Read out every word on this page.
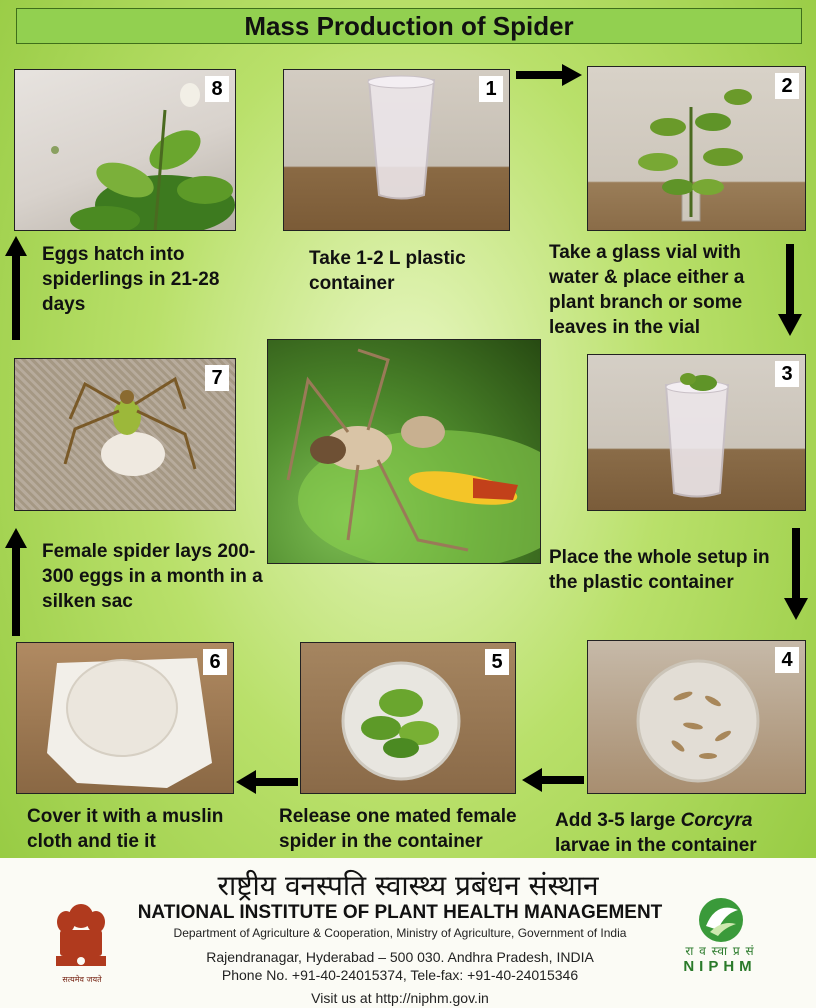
Mass Production of Spider
8	1	2
Eggs hatch into spiderlings in 21-28 days
Take 1-2 L plastic container
Take a glass vial with water & place either a plant branch or some leaves in the vial
7	3
Female spider lays 200-300 eggs in a month in a silken sac
Place the whole setup in the plastic container
6	5	4
Cover it with a muslin cloth and tie it
Release one mated female spider in the container
Add 3-5 large Corcyra larvae in the container
राष्ट्रीय वनस्पति स्वास्थ्य प्रबंधन संस्थान
सत्यमेव जयते
NATIONAL INSTITUTE OF PLANT HEALTH MANAGEMENT
Department of Agriculture & Cooperation, Ministry of Agriculture, Government of India
Rajendranagar, Hyderabad – 500 030. Andhra Pradesh, INDIA
Phone No. +91-40-24015374, Tele-fax: +91-40-24015346
Visit us at http://niphm.gov.in
रा व स्वा प्र सं
NIPHM
